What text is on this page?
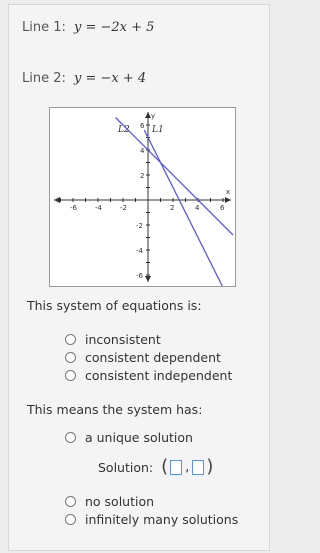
Line 1: y = −2x + 5
Line 2: y = −x + 4
-6	-4	-2	2	4	6
6
4
2
-2
-4
-6
x
y
L2 L1
This system of equations is:
inconsistent
consistent dependent
consistent independent
This means the system has:
a unique solution
Solution: ( , )
no solution
infinitely many solutions
